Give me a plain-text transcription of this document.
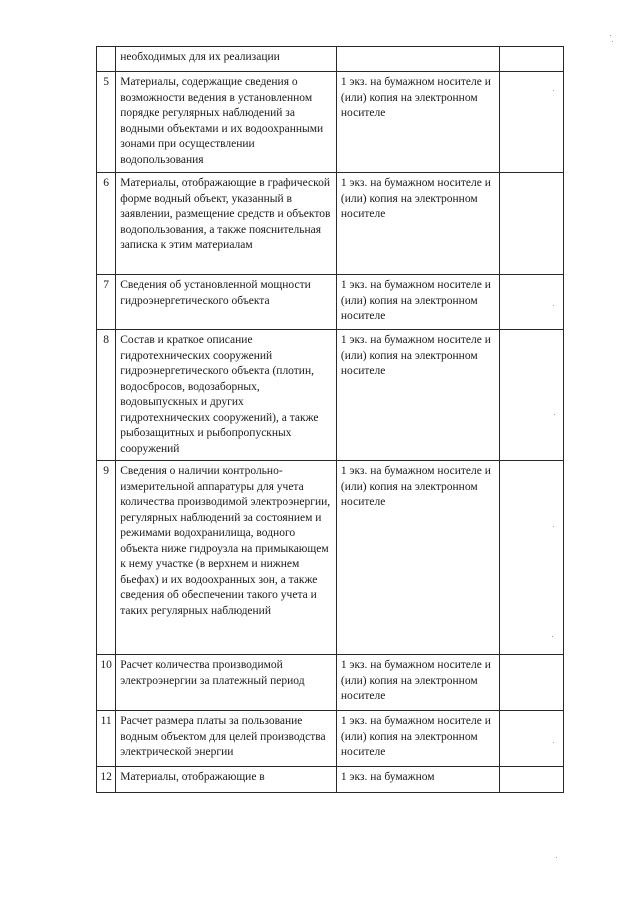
	необходимых для их реализации		
5	Материалы, содержащие сведения о возможности ведения в установленном порядке регулярных наблюдений за водными объектами и их водоохранными зонами при осуществлении водопользования	1 экз. на бумажном носителе и (или) копия на электронном носителе	
6	Материалы, отображающие в графической форме водный объект, указанный в заявлении, размещение средств и объектов водопользования, а также пояснительная записка к этим материалам	1 экз. на бумажном носителе и (или) копия на электронном носителе	
7	Сведения об установленной мощности гидроэнергетического объекта	1 экз. на бумажном носителе и (или) копия на электронном носителе	
8	Состав и краткое описание гидротехнических сооружений гидроэнергетического объекта (плотин, водосбросов, водозаборных, водовыпускных и других гидротехнических сооружений), а также рыбозащитных и рыбопропускных сооружений	1 экз. на бумажном носителе и (или) копия на электронном носителе	
9	Сведения о наличии контрольно-измерительной аппаратуры для учета количества производимой электроэнергии, регулярных наблюдений за состоянием и режимами водохранилища, водного объекта ниже гидроузла на примыкающем к нему участке (в верхнем и нижнем бьефах) и их водоохранных зон, а также сведения об обеспечении такого учета и таких регулярных наблюдений	1 экз. на бумажном носителе и (или) копия на электронном носителе	
10	Расчет количества производимой электроэнергии за платежный период	1 экз. на бумажном носителе и (или) копия на электронном носителе	
11	Расчет размера платы за пользование водным объектом для целей производства электрической энергии	1 экз. на бумажном носителе и (или) копия на электронном носителе	
12	Материалы, отображающие в	1 экз. на бумажном	
